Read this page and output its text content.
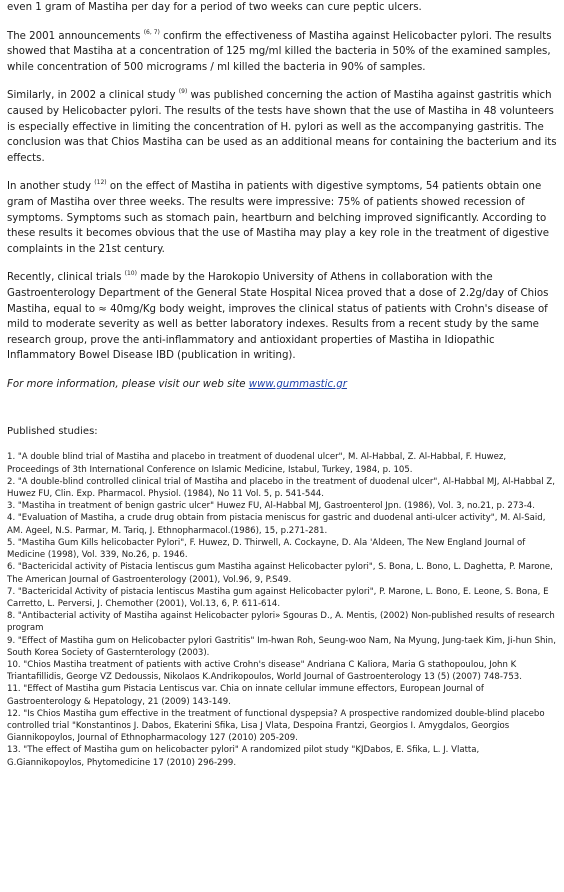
even 1 gram of Mastiha per day for a period of two weeks can cure peptic ulcers.

The 2001 announcements $^{(6, 7)}$ confirm the effectiveness of Mastiha against Helicobacter pylori. The results showed that Mastiha at a concentration of 125 mg/ml killed the bacteria in 50% of the examined samples, while concentration of 500 micrograms / ml killed the bacteria in 90% of samples.

Similarly, in 2002 a clinical study $^{(9)}$ was published concerning the action of Mastiha against gastritis which caused by Helicobacter pylori. The results of the tests have shown that the use of Mastiha in 48 volunteers is especially effective in limiting the concentration of H. pylori as well as the accompanying gastritis. The conclusion was that Chios Mastiha can be used as an additional means for containing the bacterium and its effects.

In another study $^{(12)}$ on the effect of Mastiha in patients with digestive symptoms, 54 patients obtain one gram of Mastiha over three weeks. The results were impressive: 75% of patients showed recession of symptoms. Symptoms such as stomach pain, heartburn and belching improved significantly. According to these results it becomes obvious that the use of Mastiha may play a key role in the treatment of digestive complaints in the 21st century.

Recently, clinical trials $^{(10)}$ made by the Harokopio University of Athens in collaboration with the Gastroenterology Department of the General State Hospital Nicea proved that a dose of 2.2g/day of Chios Mastiha, equal to ≈ 40mg/Kg body weight, improves the clinical status of patients with Crohn's disease of mild to moderate severity as well as better laboratory indexes. Results from a recent study by the same research group, prove the anti-inflammatory and antioxidant properties of Mastiha in Idiopathic Inflammatory Bowel Disease IBD (publication in writing).

For more information, please visit our web site www.gummastic.gr

Published studies:

1. "A double blind trial of Mastiha and placebo in treatment of duodenal ulcer", M. Al-Habbal, Z. Al-Habbal, F. Huwez, Proceedings of 3th International Conference on Islamic Medicine, Istabul, Turkey, 1984, p. 105.
2. "A double-blind controlled clinical trial of Mastiha and placebo in the treatment of duodenal ulcer", Al-Habbal MJ, Al-Habbal Z, Huwez FU, Clin. Exp. Pharmacol. Physiol. (1984), No 11 Vol. 5, p. 541-544.
3. "Mastiha in treatment of benign gastric ulcer" Huwez FU, Al-Habbal MJ, Gastroenterol Jpn. (1986), Vol. 3, no.21, p. 273-4.
4. "Evaluation of Mastiha, a crude drug obtain from pistacia meniscus for gastric and duodenal anti-ulcer activity", M. Al-Said, AM. Ageel, N.S. Parmar, M. Tariq, J. Ethnopharmacol.(1986), 15, p.271-281.
5. "Mastiha Gum Kills helicobacter Pylori", F. Huwez, D. Thirwell, A. Cockayne, D. Ala 'Aldeen, The New England Journal of Medicine (1998), Vol. 339, No.26, p. 1946.
6. "Bactericidal activity of Pistacia lentiscus gum Mastiha against Helicobacter pylori", S. Bona, L. Bono, L. Daghetta, P. Marone, The American Journal of Gastroenterology (2001), Vol.96, 9, P.S49.
7. "Bactericidal Activity of pistacia lentiscus Mastiha gum against Helicobacter pylori", P. Marone, L. Bono, E. Leone, S. Bona, E Carretto, L. Perversi, J. Chemother (2001), Vol.13, 6, P. 611-614.
8. "Antibacterial activity of Mastiha against Helicobacter pylori» Sgouras D., A. Mentis, (2002) Non-published results of research program
9. "Effect of Mastiha gum on Helicobacter pylori Gastritis" Im-hwan Roh, Seung-woo Nam, Na Myung, Jung-taek Kim, Ji-hun Shin, South Korea Society of Gasternterology (2003).
10. "Chios Mastiha treatment of patients with active Crohn's disease" Andriana C Kaliora, Maria G stathopoulou, John K Triantafillidis, George VZ Dedoussis, Nikolaos K.Andrikopoulos, World Journal of Gastroenterology 13 (5) (2007) 748-753.
11. "Effect of Mastiha gum Pistacia Lentiscus var. Chia on innate cellular immune effectors, European Journal of Gastroenterology & Hepatology, 21 (2009) 143-149.
12. "Is Chios Mastiha gum effective in the treatment of functional dyspepsia? A prospective randomized double-blind placebo controlled trial "Konstantinos J. Dabos, Ekaterini Sfika, Lisa J Vlata, Despoina Frantzi, Georgios I. Amygdalos, Georgios Giannikopoylos, Journal of Ethnopharmacology 127 (2010) 205-209.
13. "The effect of Mastiha gum on helicobacter pylori" A randomized pilot study "KJDabos, E. Sfika, L. J. Vlatta, G.Giannikopoylos, Phytomedicine 17 (2010) 296-299.
